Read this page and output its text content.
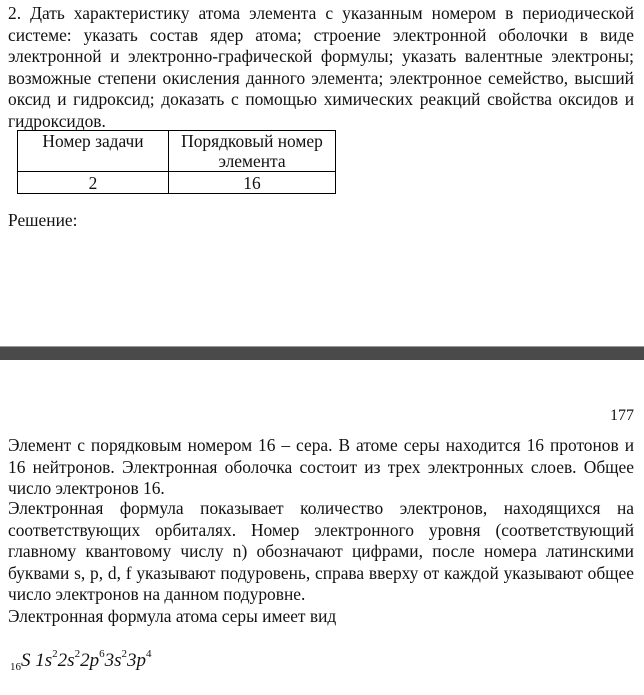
2. Дать характеристику атома элемента с указанным номером в периодической системе: указать состав ядер атома; строение электронной оболочки в виде электронной и электронно-графической формулы; указать валентные электроны; возможные степени окисления данного элемента; электронное семейство, высший оксид и гидроксид; доказать с помощью химических реакций свойства оксидов и гидроксидов.

Номер задачи	Порядковый номер элемента
2	16
Решение:
177

Элемент с порядковым номером 16 – сера. В атоме серы находится 16 протонов и 16 нейтронов. Электронная оболочка состоит из трех электронных слоев. Общее число электронов 16.

Электронная формула показывает количество электронов, находящихся на соответствующих орбиталях. Номер электронного уровня (соответствующий главному квантовому числу n) обозначают цифрами, после номера латинскими буквами s, p, d, f указывают подуровень, справа вверху от каждой указывают общее число электронов на данном подуровне.

Электронная формула атома серы имеет вид

$_{16}$S $1s^22s^22p^63s^23p^4$
